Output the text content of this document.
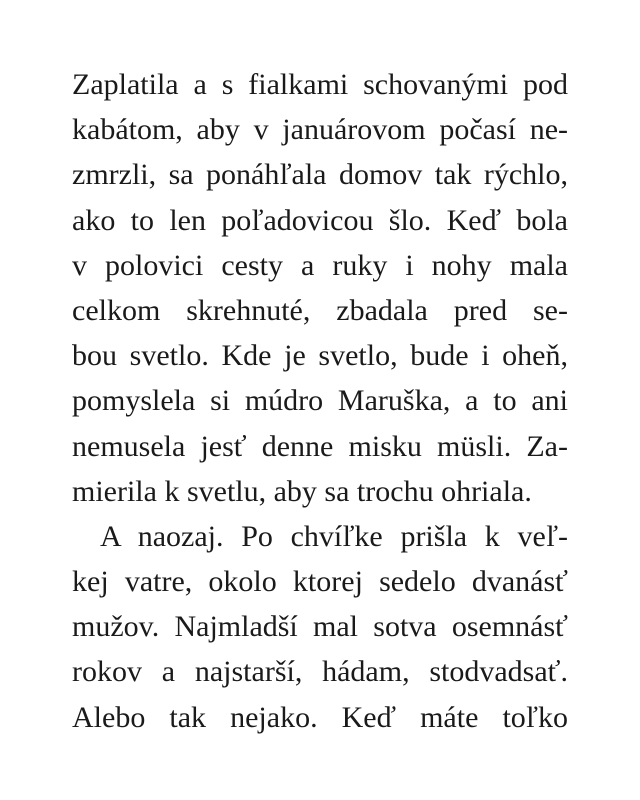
Zaplatila a s fialkami schovanými pod
kabátom, aby v januárovom počasí ne-
zmrzli, sa ponáhľala domov tak rýchlo,
ako to len poľadovicou šlo. Keď bola
v polovici cesty a ruky i nohy mala
celkom skrehnuté, zbadala pred se-
bou svetlo. Kde je svetlo, bude i oheň,
pomyslela si múdro Maruška, a to ani
nemusela jesť denne misku müsli. Za-
mierila k svetlu, aby sa trochu ohriala.
A naozaj. Po chvíľke prišla k veľ-
kej vatre, okolo ktorej sedelo dvanásť
mužov. Najmladší mal sotva osemnásť
rokov a najstarší, hádam, stodvadsať.
Alebo tak nejako. Keď máte toľko
